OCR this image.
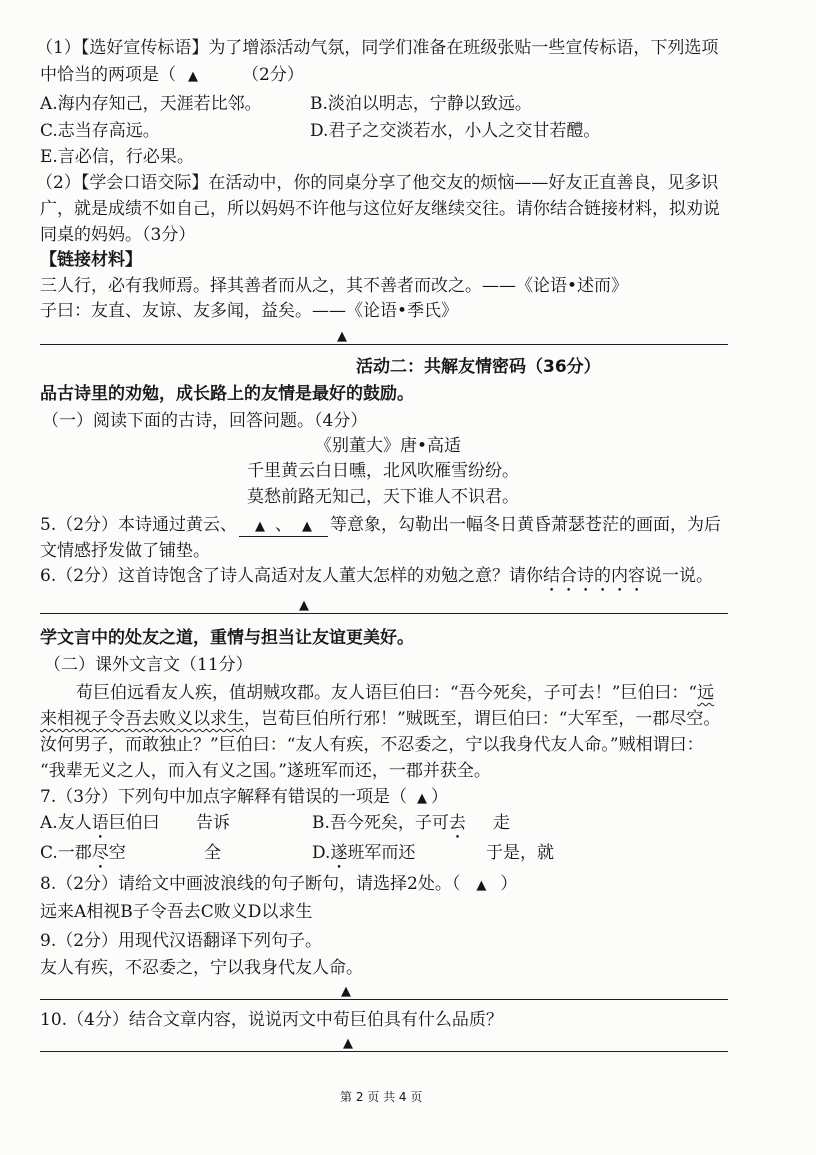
（1）【选好宣传标语】为了增添活动气氛，同学们准备在班级张贴一些宣传标语，下列选项
中恰当的两项是（ ▲	（2分）
A.海内存知己，天涯若比邻。	B.淡泊以明志，宁静以致远。
C.志当存高远。	D.君子之交淡若水，小人之交甘若醴。
E.言必信，行必果。
（2）【学会口语交际】在活动中，你的同桌分享了他交友的烦恼——好友正直善良，见多识
广，就是成绩不如自己，所以妈妈不许他与这位好友继续交往。请你结合链接材料，拟劝说
同桌的妈妈。（3分）
【链接材料】
三人行，必有我师焉。择其善者而从之，其不善者而改之。——《论语•述而》
子曰：友直、友谅、友多闻，益矣。——《论语•季氏》
▲
活动二：共解友情密码（36分）
品古诗里的劝勉，成长路上的友情是最好的鼓励。
（一）阅读下面的古诗，回答问题。（4分）
《别董大》唐•高适
千里黄云白日曛，北风吹雁雪纷纷。
莫愁前路无知己，天下谁人不识君。
5.（2分）本诗通过黄云、 ▲ 、 ▲ 等意象，勾勒出一幅冬日黄昏萧瑟苍茫的画面，为后
文情感抒发做了铺垫。
6.（2分）这首诗饱含了诗人高适对友人董大怎样的劝勉之意？请你结合诗的内容说一说。
▲
学文言中的处友之道，重情与担当让友谊更美好。
（二）课外文言文（11分）
荀巨伯远看友人疾，值胡贼攻郡。友人语巨伯曰：“吾今死矣，子可去！”巨伯曰：“远
来相视子令吾去败义以求生，岂荀巨伯所行邪！”贼既至，谓巨伯曰：“大军至，一郡尽空。
汝何男子，而敢独止？”巨伯曰：“友人有疾，不忍委之，宁以我身代友人命。”贼相谓曰：
“我辈无义之人，而入有义之国。”遂班军而还，一郡并获全。
7.（3分）下列句中加点字解释有错误的一项是（ ▲ ）
A.友人语巨伯曰 告诉	B.吾今死矣，子可去 走
C.一郡尽空	全	D.遂班军而还	于是，就
8.（2分）请给文中画波浪线的句子断句，请选择2处。（ ▲ ）
远来A相视B子令吾去C败义D以求生
9.（2分）用现代汉语翻译下列句子。
友人有疾，不忍委之，宁以我身代友人命。
▲
10.（4分）结合文章内容，说说丙文中荀巨伯具有什么品质？
▲
第 2 页 共 4 页
